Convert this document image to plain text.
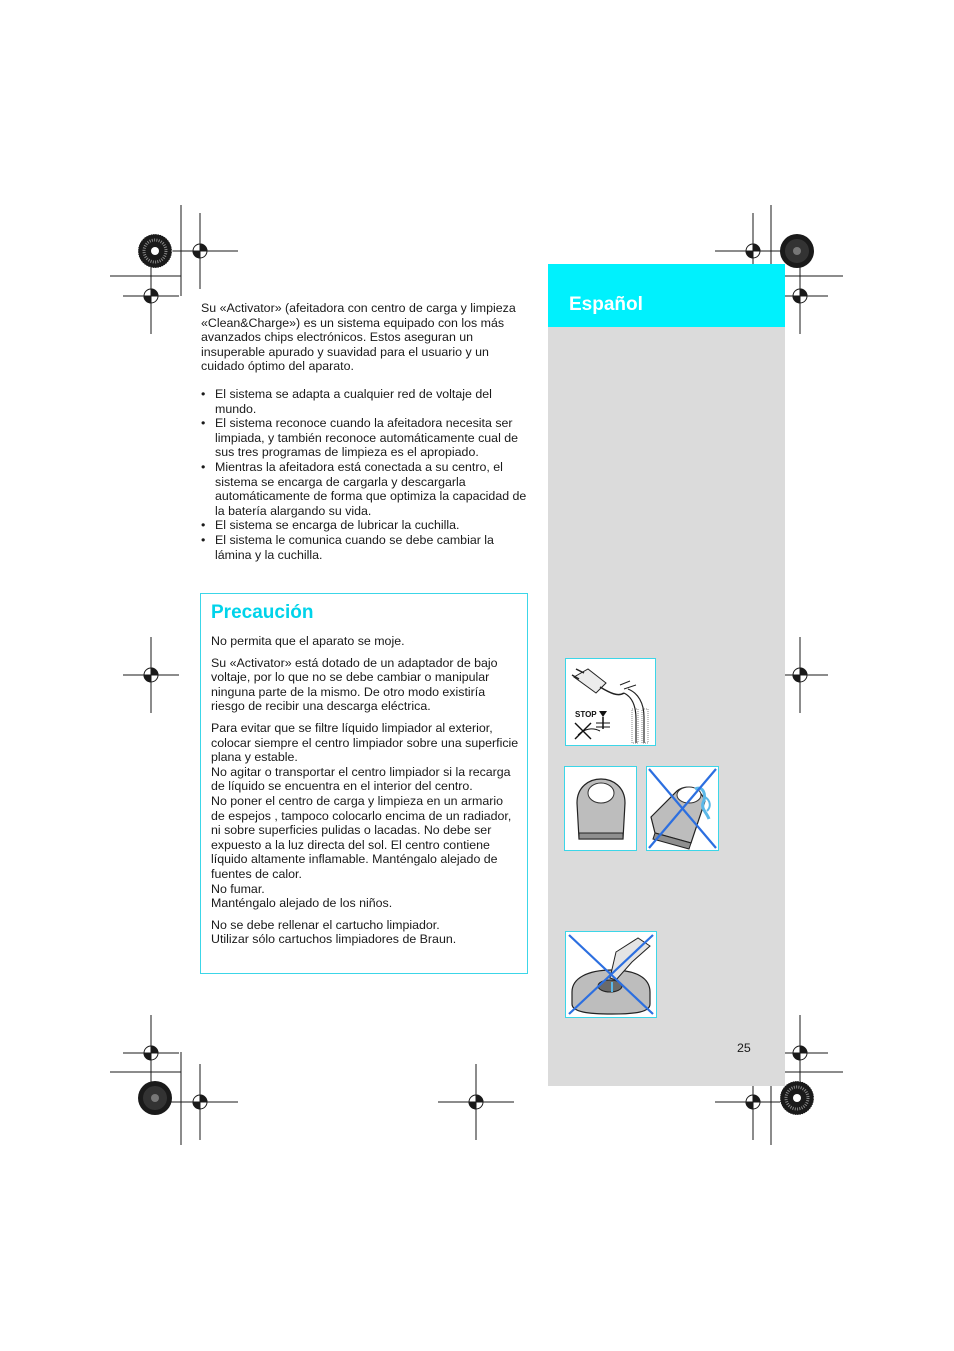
Español

Su «Activator» (afeitadora con centro de carga y limpieza «Clean&Charge») es un sistema equipado con los más avanzados chips electrónicos. Estos aseguran un insuperable apurado y suavidad para el usuario y un cuidado óptimo del aparato.

• El sistema se adapta a cualquier red de voltaje del mundo.
• El sistema reconoce cuando la afeitadora necesita ser limpiada, y también reconoce automáticamente cual de sus tres programas de limpieza es el apropiado.
• Mientras la afeitadora está conectada a su centro, el sistema se encarga de cargarla y descargarla automáticamente de forma que optimiza la capacidad de la batería alargando su vida.
• El sistema se encarga de lubricar la cuchilla.
• El sistema le comunica cuando se debe cambiar la lámina y la cuchilla.
Precaución

No permita que el aparato se moje.

Su «Activator» está dotado de un adaptador de bajo voltaje, por lo que no se debe cambiar o manipular ninguna parte de la mismo. De otro modo existiría riesgo de recibir una descarga eléctrica.

Para evitar que se filtre líquido limpiador al exterior, colocar siempre el centro limpiador sobre una superficie plana y estable.
No agitar o transportar el centro limpiador si la recarga de líquido se encuentra en el interior del centro.
No poner el centro de carga y limpieza en un armario de espejos , tampoco colocarlo encima de un radiador, ni sobre superficies pulidas o lacadas. No debe ser expuesto a la luz directa del sol. El centro contiene líquido altamente inflamable. Manténgalo alejado de fuentes de calor.
No fumar.
Manténgalo alejado de los niños.

No se debe rellenar el cartucho limpiador.
Utilizar sólo cartuchos limpiadores de Braun.

STOP
25
